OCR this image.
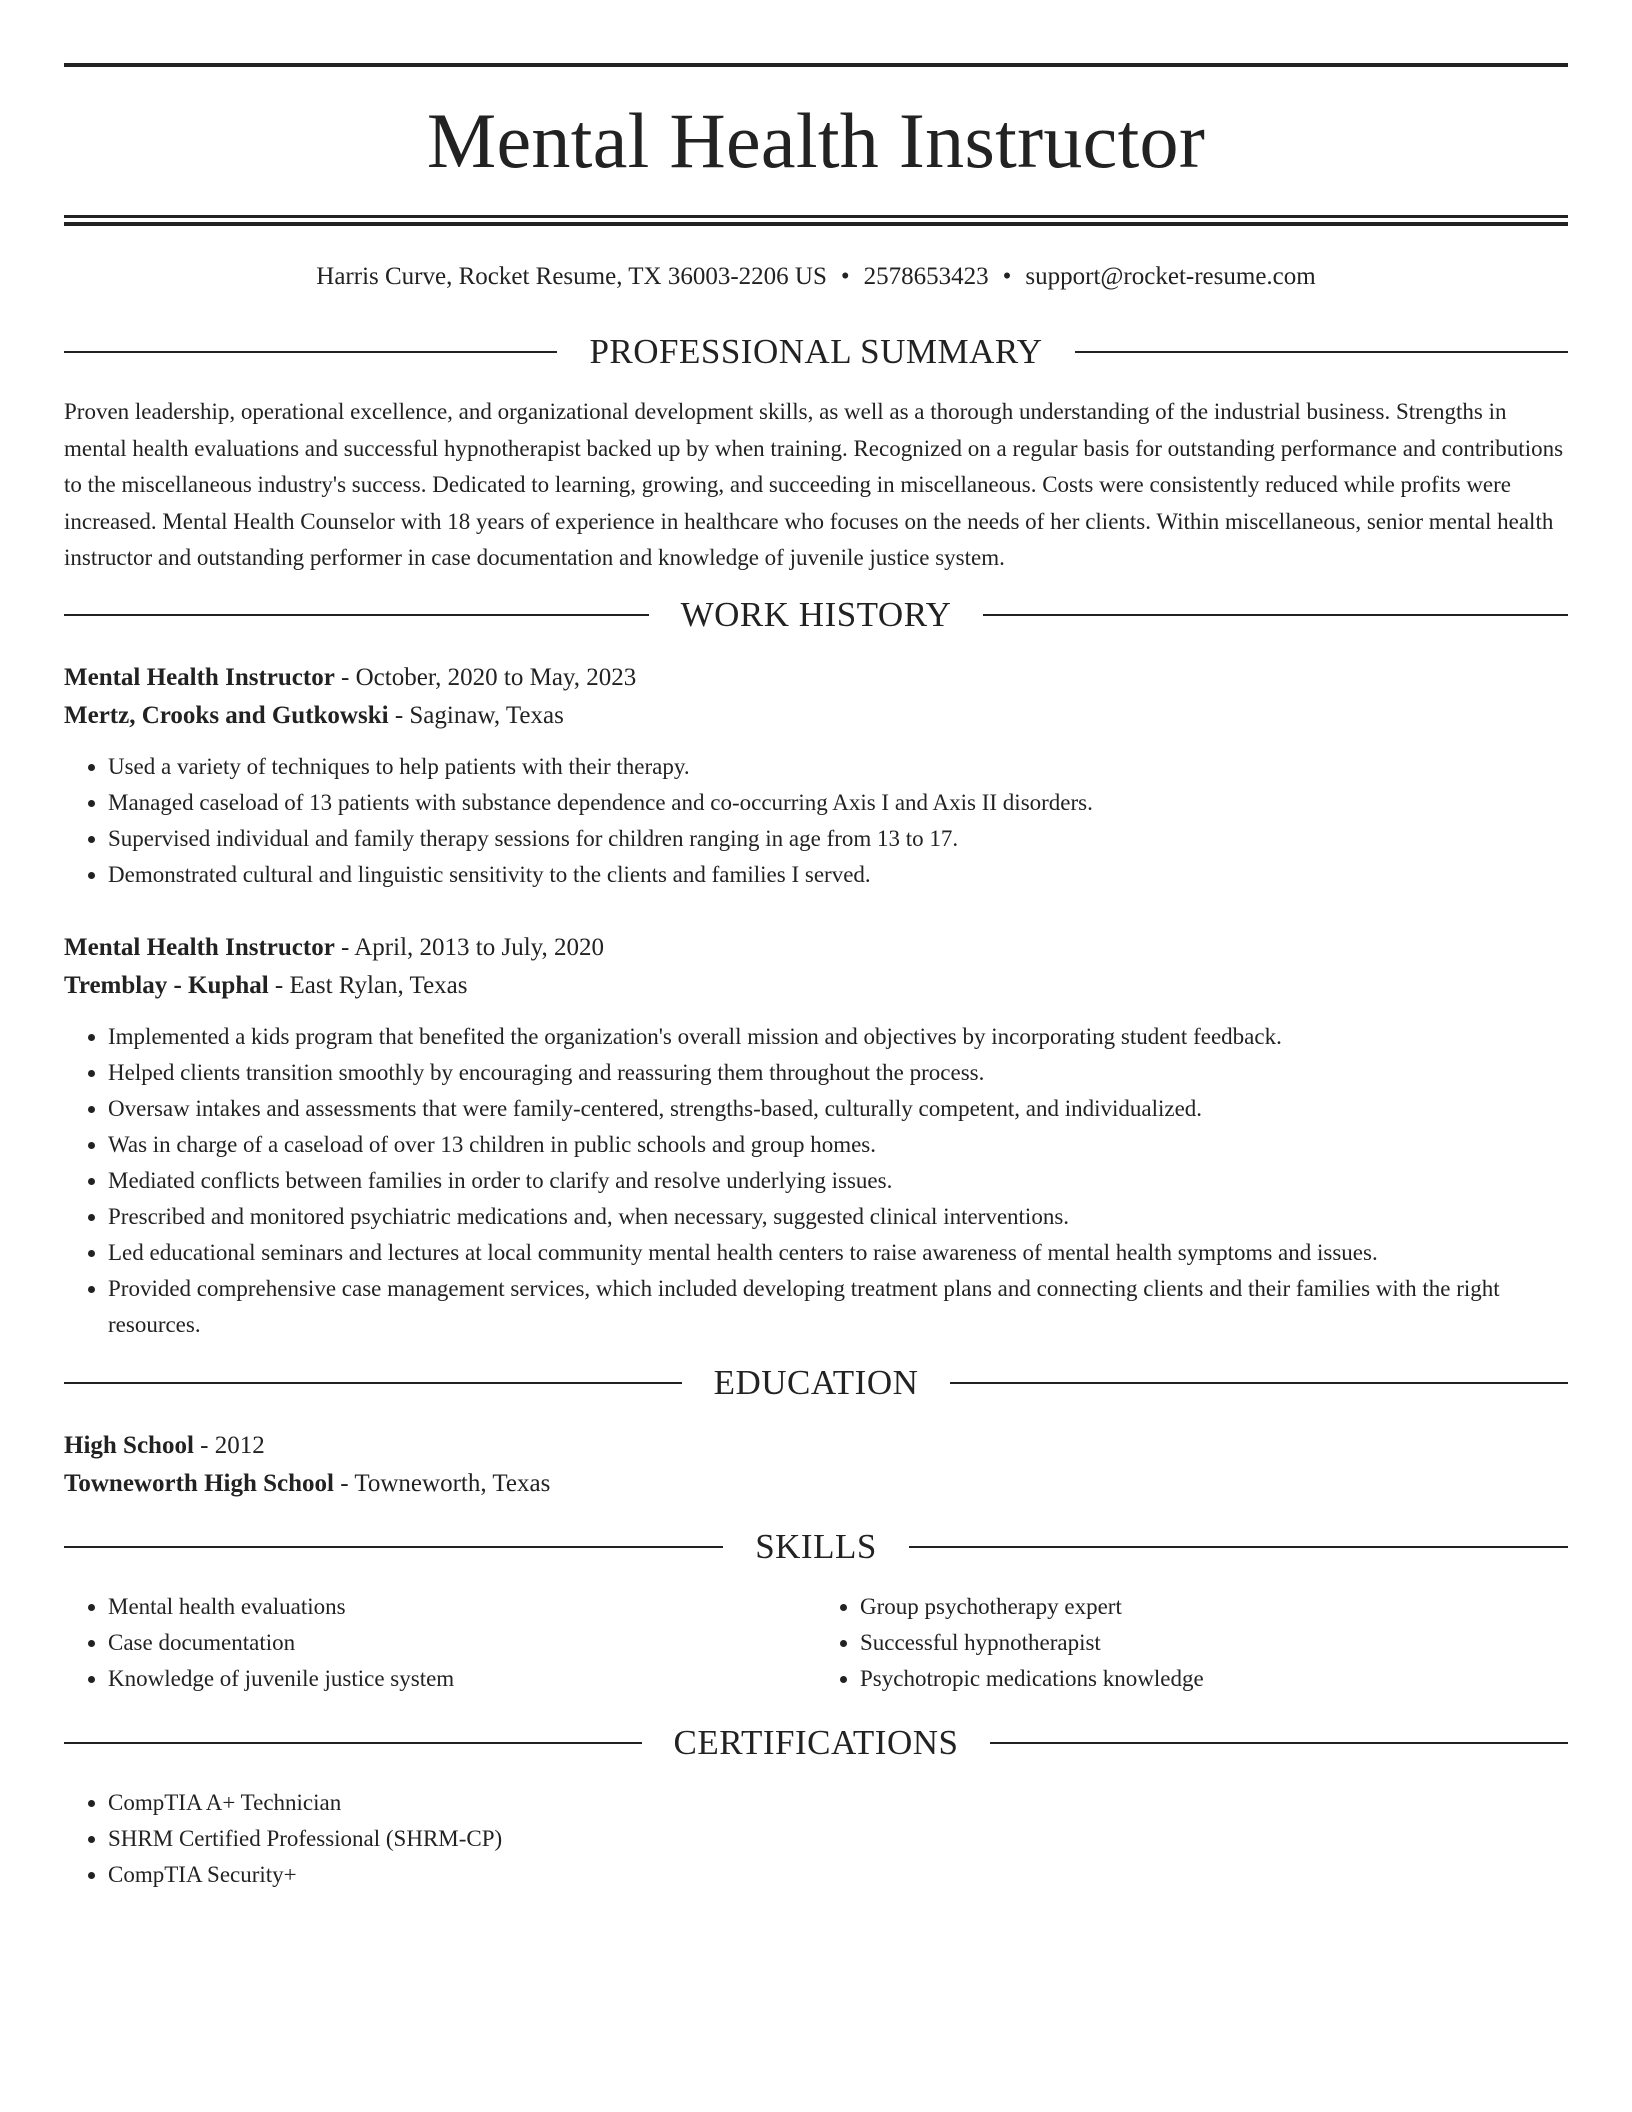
Mental Health Instructor
Harris Curve, Rocket Resume, TX 36003-2206 US • 2578653423 • support@rocket-resume.com
PROFESSIONAL SUMMARY
Proven leadership, operational excellence, and organizational development skills, as well as a thorough understanding of the industrial business. Strengths in mental health evaluations and successful hypnotherapist backed up by when training. Recognized on a regular basis for outstanding performance and contributions to the miscellaneous industry's success. Dedicated to learning, growing, and succeeding in miscellaneous. Costs were consistently reduced while profits were increased. Mental Health Counselor with 18 years of experience in healthcare who focuses on the needs of her clients. Within miscellaneous, senior mental health instructor and outstanding performer in case documentation and knowledge of juvenile justice system.
WORK HISTORY
Mental Health Instructor - October, 2020 to May, 2023
Mertz, Crooks and Gutkowski - Saginaw, Texas
• Used a variety of techniques to help patients with their therapy.
• Managed caseload of 13 patients with substance dependence and co-occurring Axis I and Axis II disorders.
• Supervised individual and family therapy sessions for children ranging in age from 13 to 17.
• Demonstrated cultural and linguistic sensitivity to the clients and families I served.
Mental Health Instructor - April, 2013 to July, 2020
Tremblay - Kuphal - East Rylan, Texas
• Implemented a kids program that benefited the organization's overall mission and objectives by incorporating student feedback.
• Helped clients transition smoothly by encouraging and reassuring them throughout the process.
• Oversaw intakes and assessments that were family-centered, strengths-based, culturally competent, and individualized.
• Was in charge of a caseload of over 13 children in public schools and group homes.
• Mediated conflicts between families in order to clarify and resolve underlying issues.
• Prescribed and monitored psychiatric medications and, when necessary, suggested clinical interventions.
• Led educational seminars and lectures at local community mental health centers to raise awareness of mental health symptoms and issues.
• Provided comprehensive case management services, which included developing treatment plans and connecting clients and their families with the right resources.
EDUCATION
High School - 2012
Towneworth High School - Towneworth, Texas
SKILLS
• Mental health evaluations
• Case documentation
• Knowledge of juvenile justice system
• Group psychotherapy expert
• Successful hypnotherapist
• Psychotropic medications knowledge
CERTIFICATIONS
• CompTIA A+ Technician
• SHRM Certified Professional (SHRM-CP)
• CompTIA Security+
